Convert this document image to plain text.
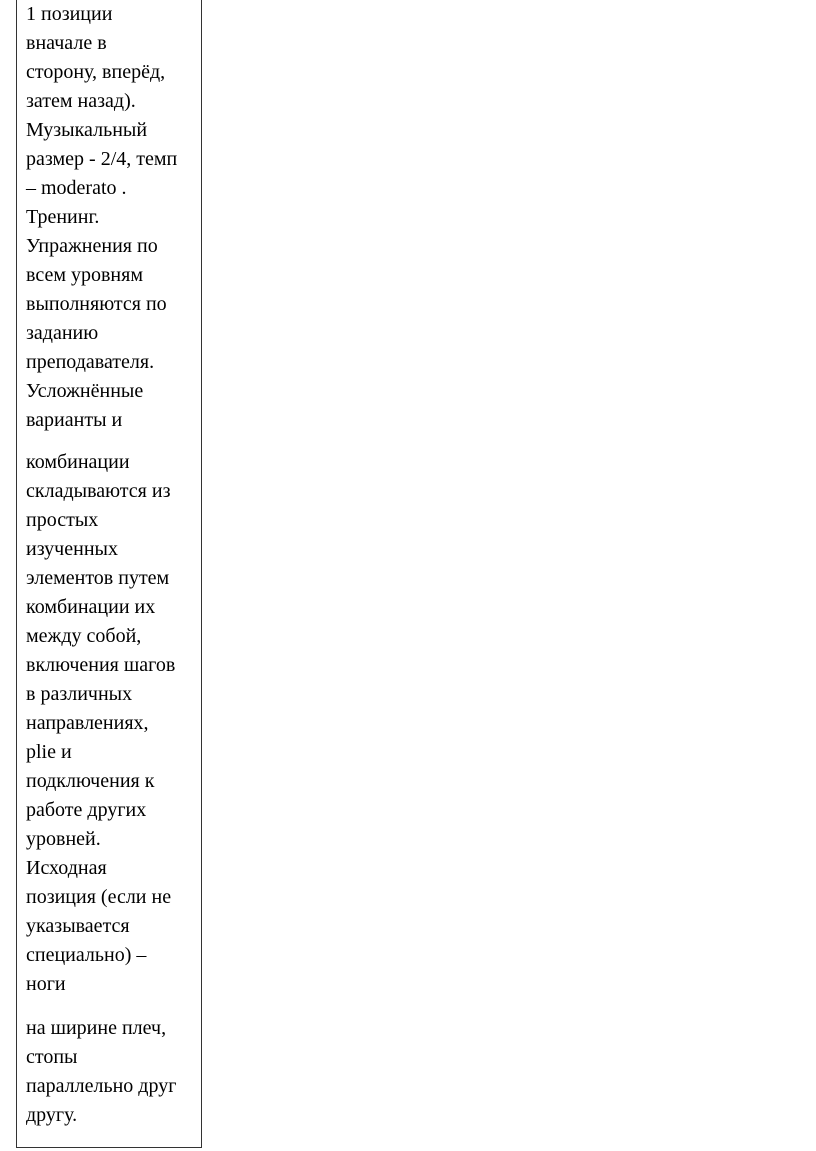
1 позиции
вначале в
сторону, вперёд,
затем назад).
Музыкальный
размер - 2/4, темп
– moderato .
Тренинг.
Упражнения по
всем уровням
выполняются по
заданию
преподавателя.
Усложнённые
варианты и

комбинации
складываются из
простых
изученных
элементов путем
комбинации их
между собой,
включения шагов
в различных
направлениях,
plie и
подключения к
работе других
уровней.
Исходная
позиция (если не
указывается
специально) –
ноги

на ширине плеч,
стопы
параллельно друг
другу.
